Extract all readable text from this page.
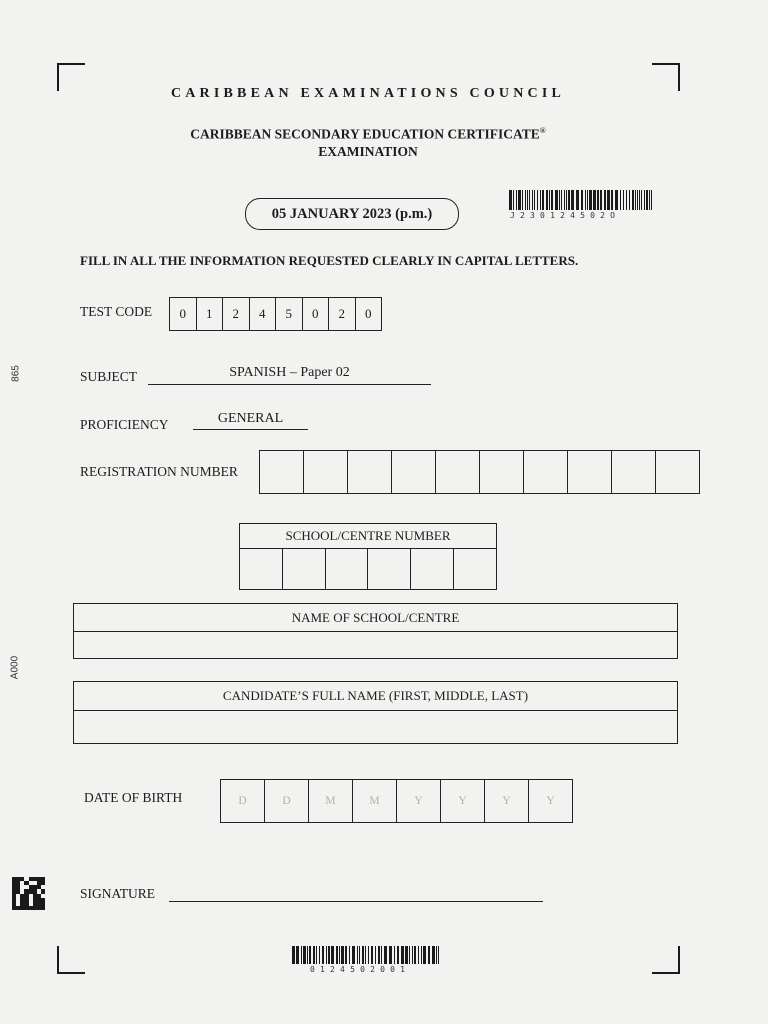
865
A000
CARIBBEAN EXAMINATIONS COUNCIL
CARIBBEAN SECONDARY EDUCATION CERTIFICATE®
EXAMINATION
05 JANUARY 2023 (p.m.)	J230124502O
FILL IN ALL THE INFORMATION REQUESTED CLEARLY IN CAPITAL LETTERS.
TEST CODE	0	1	2	4	5	0	2	0
SUBJECT	SPANISH – Paper 02
PROFICIENCY	GENERAL
REGISTRATION NUMBER
SCHOOL/CENTRE NUMBER
NAME OF SCHOOL/CENTRE
CANDIDATE’S FULL NAME (FIRST, MIDDLE, LAST)
DATE OF BIRTH	D	D	M	M	Y	Y	Y	Y
SIGNATURE
0124502001
